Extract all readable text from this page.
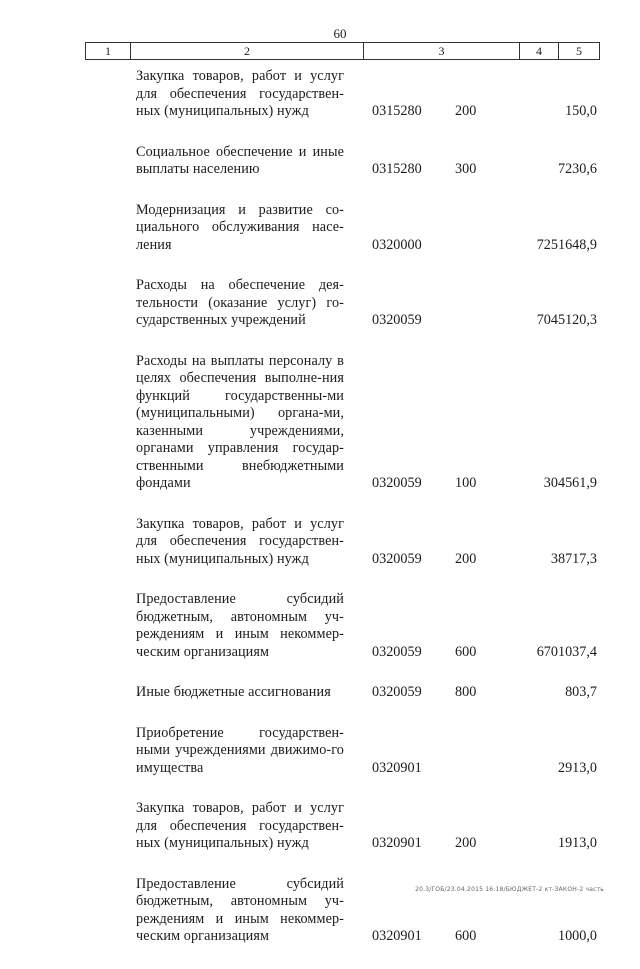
60
1	2	3	4	5
Закупка товаров, работ и услуг для обеспечения государствен-ных (муниципальных) нужд	0315280 200	150,0
Социальное обеспечение и иные выплаты населению	0315280 300	7230,6
Модернизация и развитие со-циального обслуживания насе-ления	0320000	7251648,9
Расходы на обеспечение дея-тельности (оказание услуг) го-сударственных учреждений	0320059	7045120,3
Расходы на выплаты персоналу в целях обеспечения выполне-ния функций государственны-ми (муниципальными) органа-ми, казенными учреждениями, органами управления государ-ственными внебюджетными фондами	0320059 100	304561,9
Закупка товаров, работ и услуг для обеспечения государствен-ных (муниципальных) нужд	0320059 200	38717,3
Предоставление субсидий бюджетным, автономным уч-реждениям и иным некоммер-ческим организациям	0320059 600	6701037,4
Иные бюджетные ассигнования	0320059 800	803,7
Приобретение государствен-ными учреждениями движимо-го имущества	0320901	2913,0
Закупка товаров, работ и услуг для обеспечения государствен-ных (муниципальных) нужд	0320901 200	1913,0
Предоставление субсидий бюджетным, автономным уч-реждениям и иным некоммер-ческим организациям	0320901 600	1000,0
20.3/ГОБ/23.04.2015 16:18/БЮДЖЕТ-2 кт-ЗАКОН-2 часть
